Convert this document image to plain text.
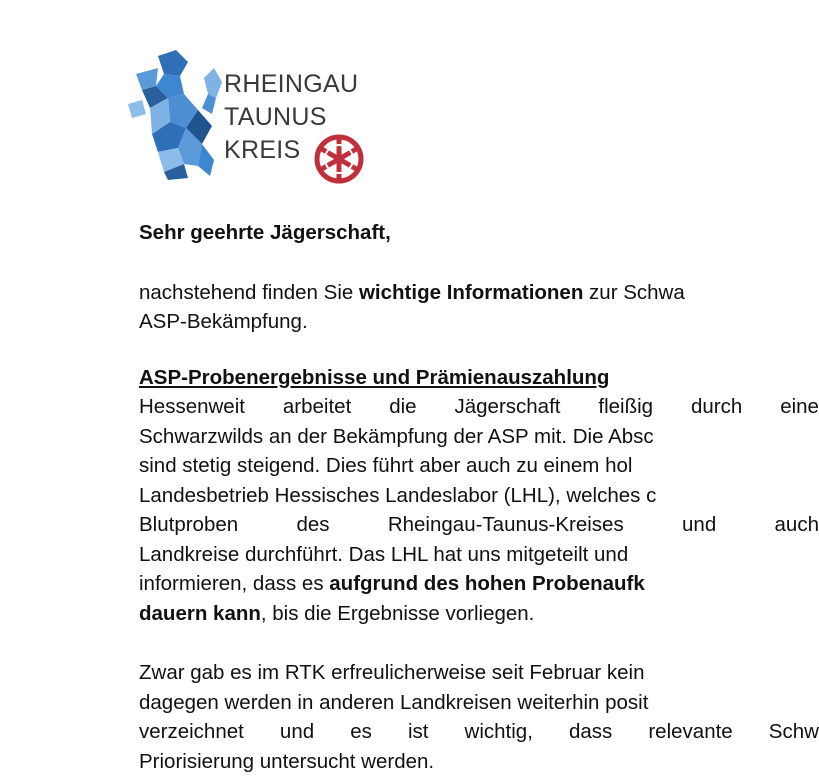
RHEINGAU
TAUNUS
KREIS

Sehr geehrte Jägerschaft,

nachstehend finden Sie wichtige Informationen zur Schwa

ASP-Bekämpfung.

ASP-Probenergebnisse und Prämienauszahlung

Hessenweit arbeitet die Jägerschaft fleißig durch eine

Schwarzwilds an der Bekämpfung der ASP mit. Die Absc

sind stetig steigend. Dies führt aber auch zu einem hol

Landesbetrieb Hessisches Landeslabor (LHL), welches c

Blutproben	des	Rheingau-Taunus-Kreises	und	auch

Landkreise durchführt. Das LHL hat uns mitgeteilt und

informieren, dass es aufgrund des hohen Probenaufk

dauern kann, bis die Ergebnisse vorliegen.

Zwar gab es im RTK erfreulicherweise seit Februar kein

dagegen werden in anderen Landkreisen weiterhin posit

verzeichnet und es ist wichtig, dass relevante Schw

Priorisierung untersucht werden.
